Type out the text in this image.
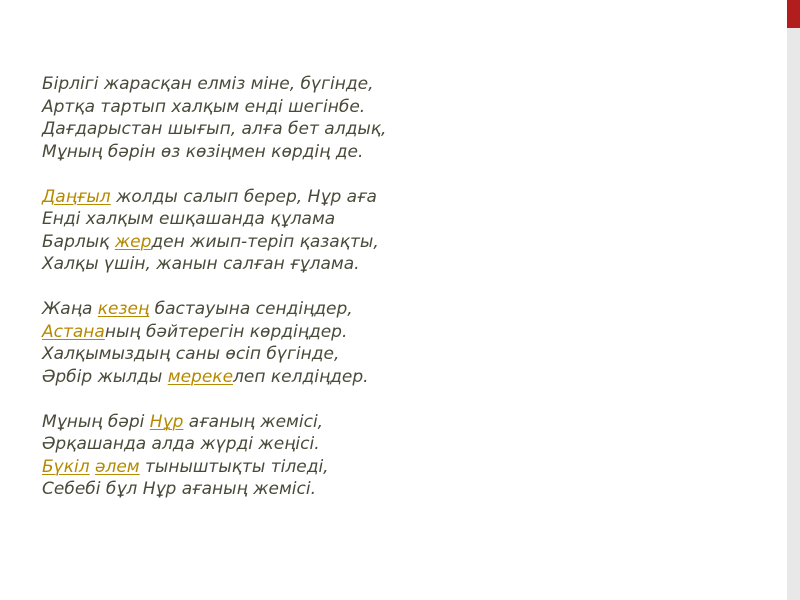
Бірлігі жарасқан елміз міне, бүгінде,
Артқа тартып халқым енді шегінбе.
Дағдарыстан шығып, алға бет алдық,
Мұның бәрін өз көзіңмен көрдің де.
Даңғыл жолды салып берер, Нұр аға
Енді халқым ешқашанда құлама
Барлық жерден жиып-теріп қазақты,
Халқы үшін, жанын салған ғұлама.
Жаңа кезең бастауына сендіңдер,
Астананың бәйтерегін көрдіңдер.
Халқымыздың саны өсіп бүгінде,
Әрбір жылды мерекелеп келдіңдер.
Мұның бәрі Нұр ағаның жемісі,
Әрқашанда алда жүрді жеңісі.
Бүкіл әлем тыныштықты тіледі,
Себебі бұл Нұр ағаның жемісі.
